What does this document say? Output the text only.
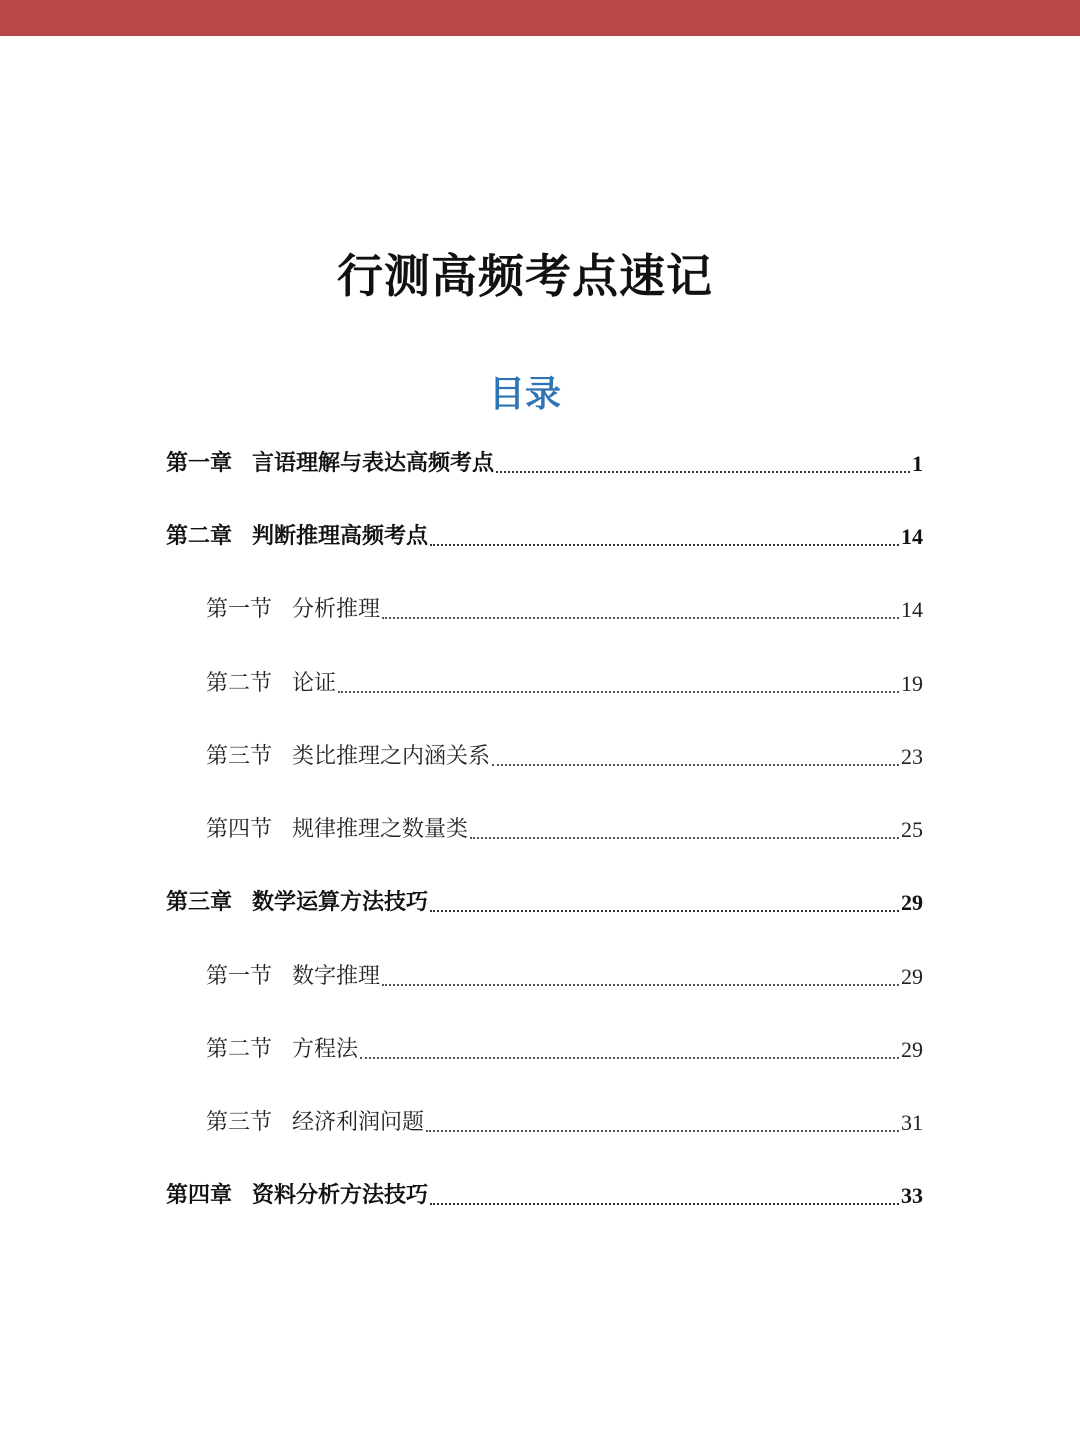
行测高频考点速记
目录
第一章 言语理解与表达高频考点	1
第二章 判断推理高频考点	14
第一节 分析推理	14
第二节 论证	19
第三节 类比推理之内涵关系	23
第四节 规律推理之数量类	25
第三章 数学运算方法技巧	29
第一节 数字推理	29
第二节 方程法	29
第三节 经济利润问题	31
第四章 资料分析方法技巧	33
